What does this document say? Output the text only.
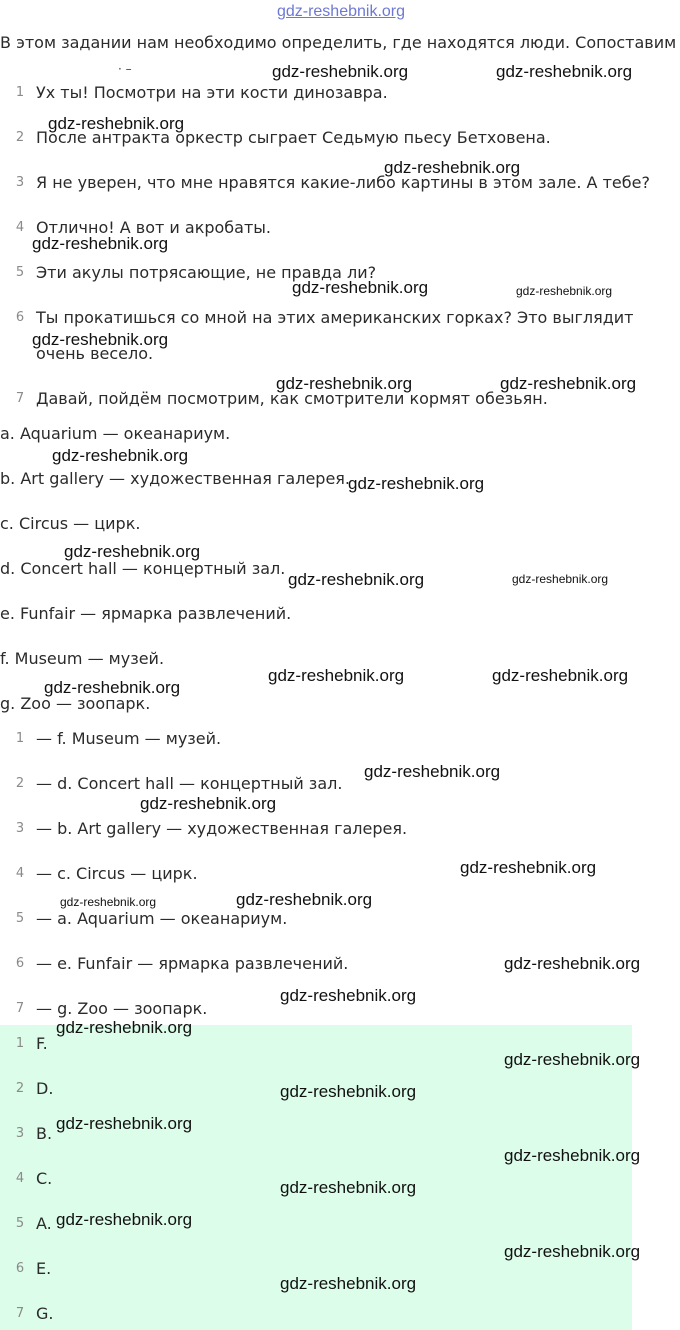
gdz-reshebnik.org
В этом задании нам необходимо определить, где находятся люди. Сопоставим
· –
1 Ух ты! Посмотри на эти кости динозавра.
2 После антракта оркестр сыграет Седьмую пьесу Бетховена.
3 Я не уверен, что мне нравятся какие-либо картины в этом зале. А тебе?
4 Отлично! А вот и акробаты.
5 Эти акулы потрясающие, не правда ли?
6 Ты прокатишься со мной на этих американских горках? Это выглядит
очень весело.
7 Давай, пойдём посмотрим, как смотрители кормят обезьян.
a. Aquarium — океанариум.
b. Art gallery — художественная галерея.
c. Circus — цирк.
d. Concert hall — концертный зал.
e. Funfair — ярмарка развлечений.
f. Museum — музей.
g. Zoo — зоопарк.
1 — f. Museum — музей.
2 — d. Concert hall — концертный зал.
3 — b. Art gallery — художественная галерея.
4 — c. Circus — цирк.
5 — a. Aquarium — океанариум.
6 — e. Funfair — ярмарка развлечений.
7 — g. Zoo — зоопарк.
1 F.
2 D.
3 B.
4 C.
5 A.
6 E.
7 G.
gdz-reshebnik.org	gdz-reshebnik.org
gdz-reshebnik.org
gdz-reshebnik.org
gdz-reshebnik.org
gdz-reshebnik.org	gdz-reshebnik.org
gdz-reshebnik.org
gdz-reshebnik.org	gdz-reshebnik.org
gdz-reshebnik.org
gdz-reshebnik.org
gdz-reshebnik.org
gdz-reshebnik.org	gdz-reshebnik.org
gdz-reshebnik.org	gdz-reshebnik.org
gdz-reshebnik.org
gdz-reshebnik.org
gdz-reshebnik.org
gdz-reshebnik.org
gdz-reshebnik.org	gdz-reshebnik.org
gdz-reshebnik.org
gdz-reshebnik.org
gdz-reshebnik.org
gdz-reshebnik.org
gdz-reshebnik.org
gdz-reshebnik.org
gdz-reshebnik.org
gdz-reshebnik.org
gdz-reshebnik.org
gdz-reshebnik.org
gdz-reshebnik.org
